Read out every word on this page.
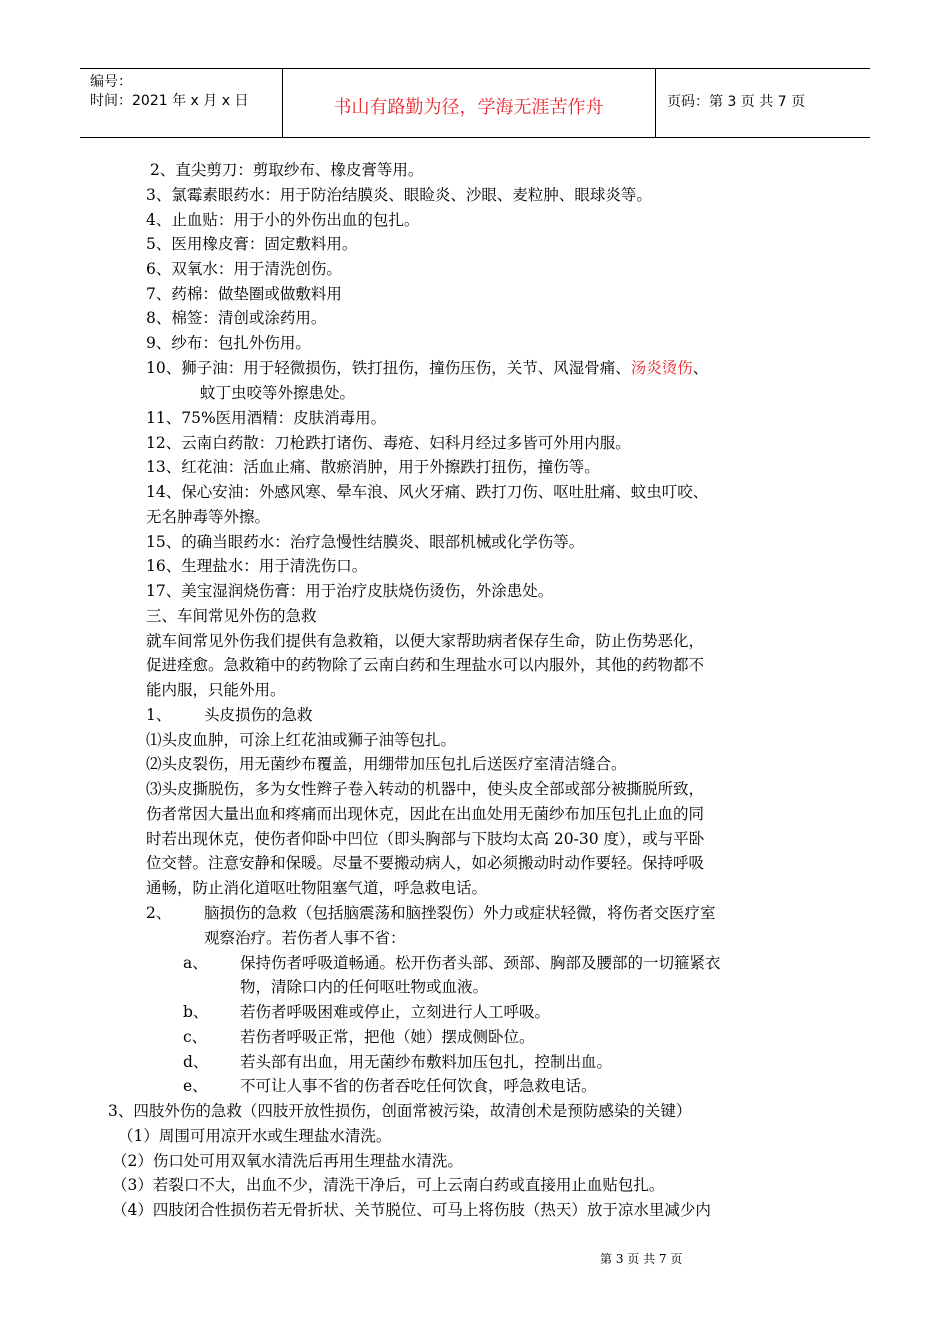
编号：
时间：2021 年 x 月 x 日	书山有路勤为径，学海无涯苦作舟	页码：第 3 页 共 7 页
2、直尖剪刀：剪取纱布、橡皮膏等用。
3、氯霉素眼药水：用于防治结膜炎、眼睑炎、沙眼、麦粒肿、眼球炎等。
4、止血贴：用于小的外伤出血的包扎。
5、医用橡皮膏：固定敷料用。
6、双氧水：用于清洗创伤。
7、药棉：做垫圈或做敷料用
8、棉签：清创或涂药用。
9、纱布：包扎外伤用。
10、狮子油：用于轻微损伤，铁打扭伤，撞伤压伤，关节、风湿骨痛、汤炎烫伤、
蚊丁虫咬等外擦患处。
11、75%医用酒精：皮肤消毒用。
12、云南白药散：刀枪跌打诸伤、毒疮、妇科月经过多皆可外用内服。
13、红花油：活血止痛、散瘀消肿，用于外擦跌打扭伤，撞伤等。
14、保心安油：外感风寒、晕车浪、风火牙痛、跌打刀伤、呕吐肚痛、蚊虫叮咬、
无名肿毒等外擦。
15、的确当眼药水：治疗急慢性结膜炎、眼部机械或化学伤等。
16、生理盐水：用于清洗伤口。
17、美宝湿润烧伤膏：用于治疗皮肤烧伤烫伤，外涂患处。
三、车间常见外伤的急救
就车间常见外伤我们提供有急救箱，以便大家帮助病者保存生命，防止伤势恶化，
促进痊愈。急救箱中的药物除了云南白药和生理盐水可以内服外，其他的药物都不
能内服，只能外用。
1、 头皮损伤的急救
⑴头皮血肿，可涂上红花油或狮子油等包扎。
⑵头皮裂伤，用无菌纱布覆盖，用绷带加压包扎后送医疗室清洁缝合。
⑶头皮撕脱伤，多为女性辫子卷入转动的机器中，使头皮全部或部分被撕脱所致，
伤者常因大量出血和疼痛而出现休克，因此在出血处用无菌纱布加压包扎止血的同
时若出现休克，使伤者仰卧中凹位（即头胸部与下肢均太高 20-30 度），或与平卧
位交替。注意安静和保暖。尽量不要搬动病人，如必须搬动时动作要轻。保持呼吸
通畅，防止消化道呕吐物阻塞气道，呼急救电话。
2、 脑损伤的急救（包括脑震荡和脑挫裂伤）外力或症状轻微，将伤者交医疗室
观察治疗。若伤者人事不省：
a、 保持伤者呼吸道畅通。松开伤者头部、颈部、胸部及腰部的一切箍紧衣
物，清除口内的任何呕吐物或血液。
b、 若伤者呼吸困难或停止，立刻进行人工呼吸。
c、 若伤者呼吸正常，把他（她）摆成侧卧位。
d、 若头部有出血，用无菌纱布敷料加压包扎，控制出血。
e、 不可让人事不省的伤者吞吃任何饮食，呼急救电话。
3、四肢外伤的急救（四肢开放性损伤，创面常被污染，故清创术是预防感染的关键）
（1）周围可用凉开水或生理盐水清洗。
（2）伤口处可用双氧水清洗后再用生理盐水清洗。
（3）若裂口不大，出血不少，清洗干净后，可上云南白药或直接用止血贴包扎。
（4）四肢闭合性损伤若无骨折状、关节脱位、可马上将伤肢（热天）放于凉水里减少内
第 3 页 共 7 页
